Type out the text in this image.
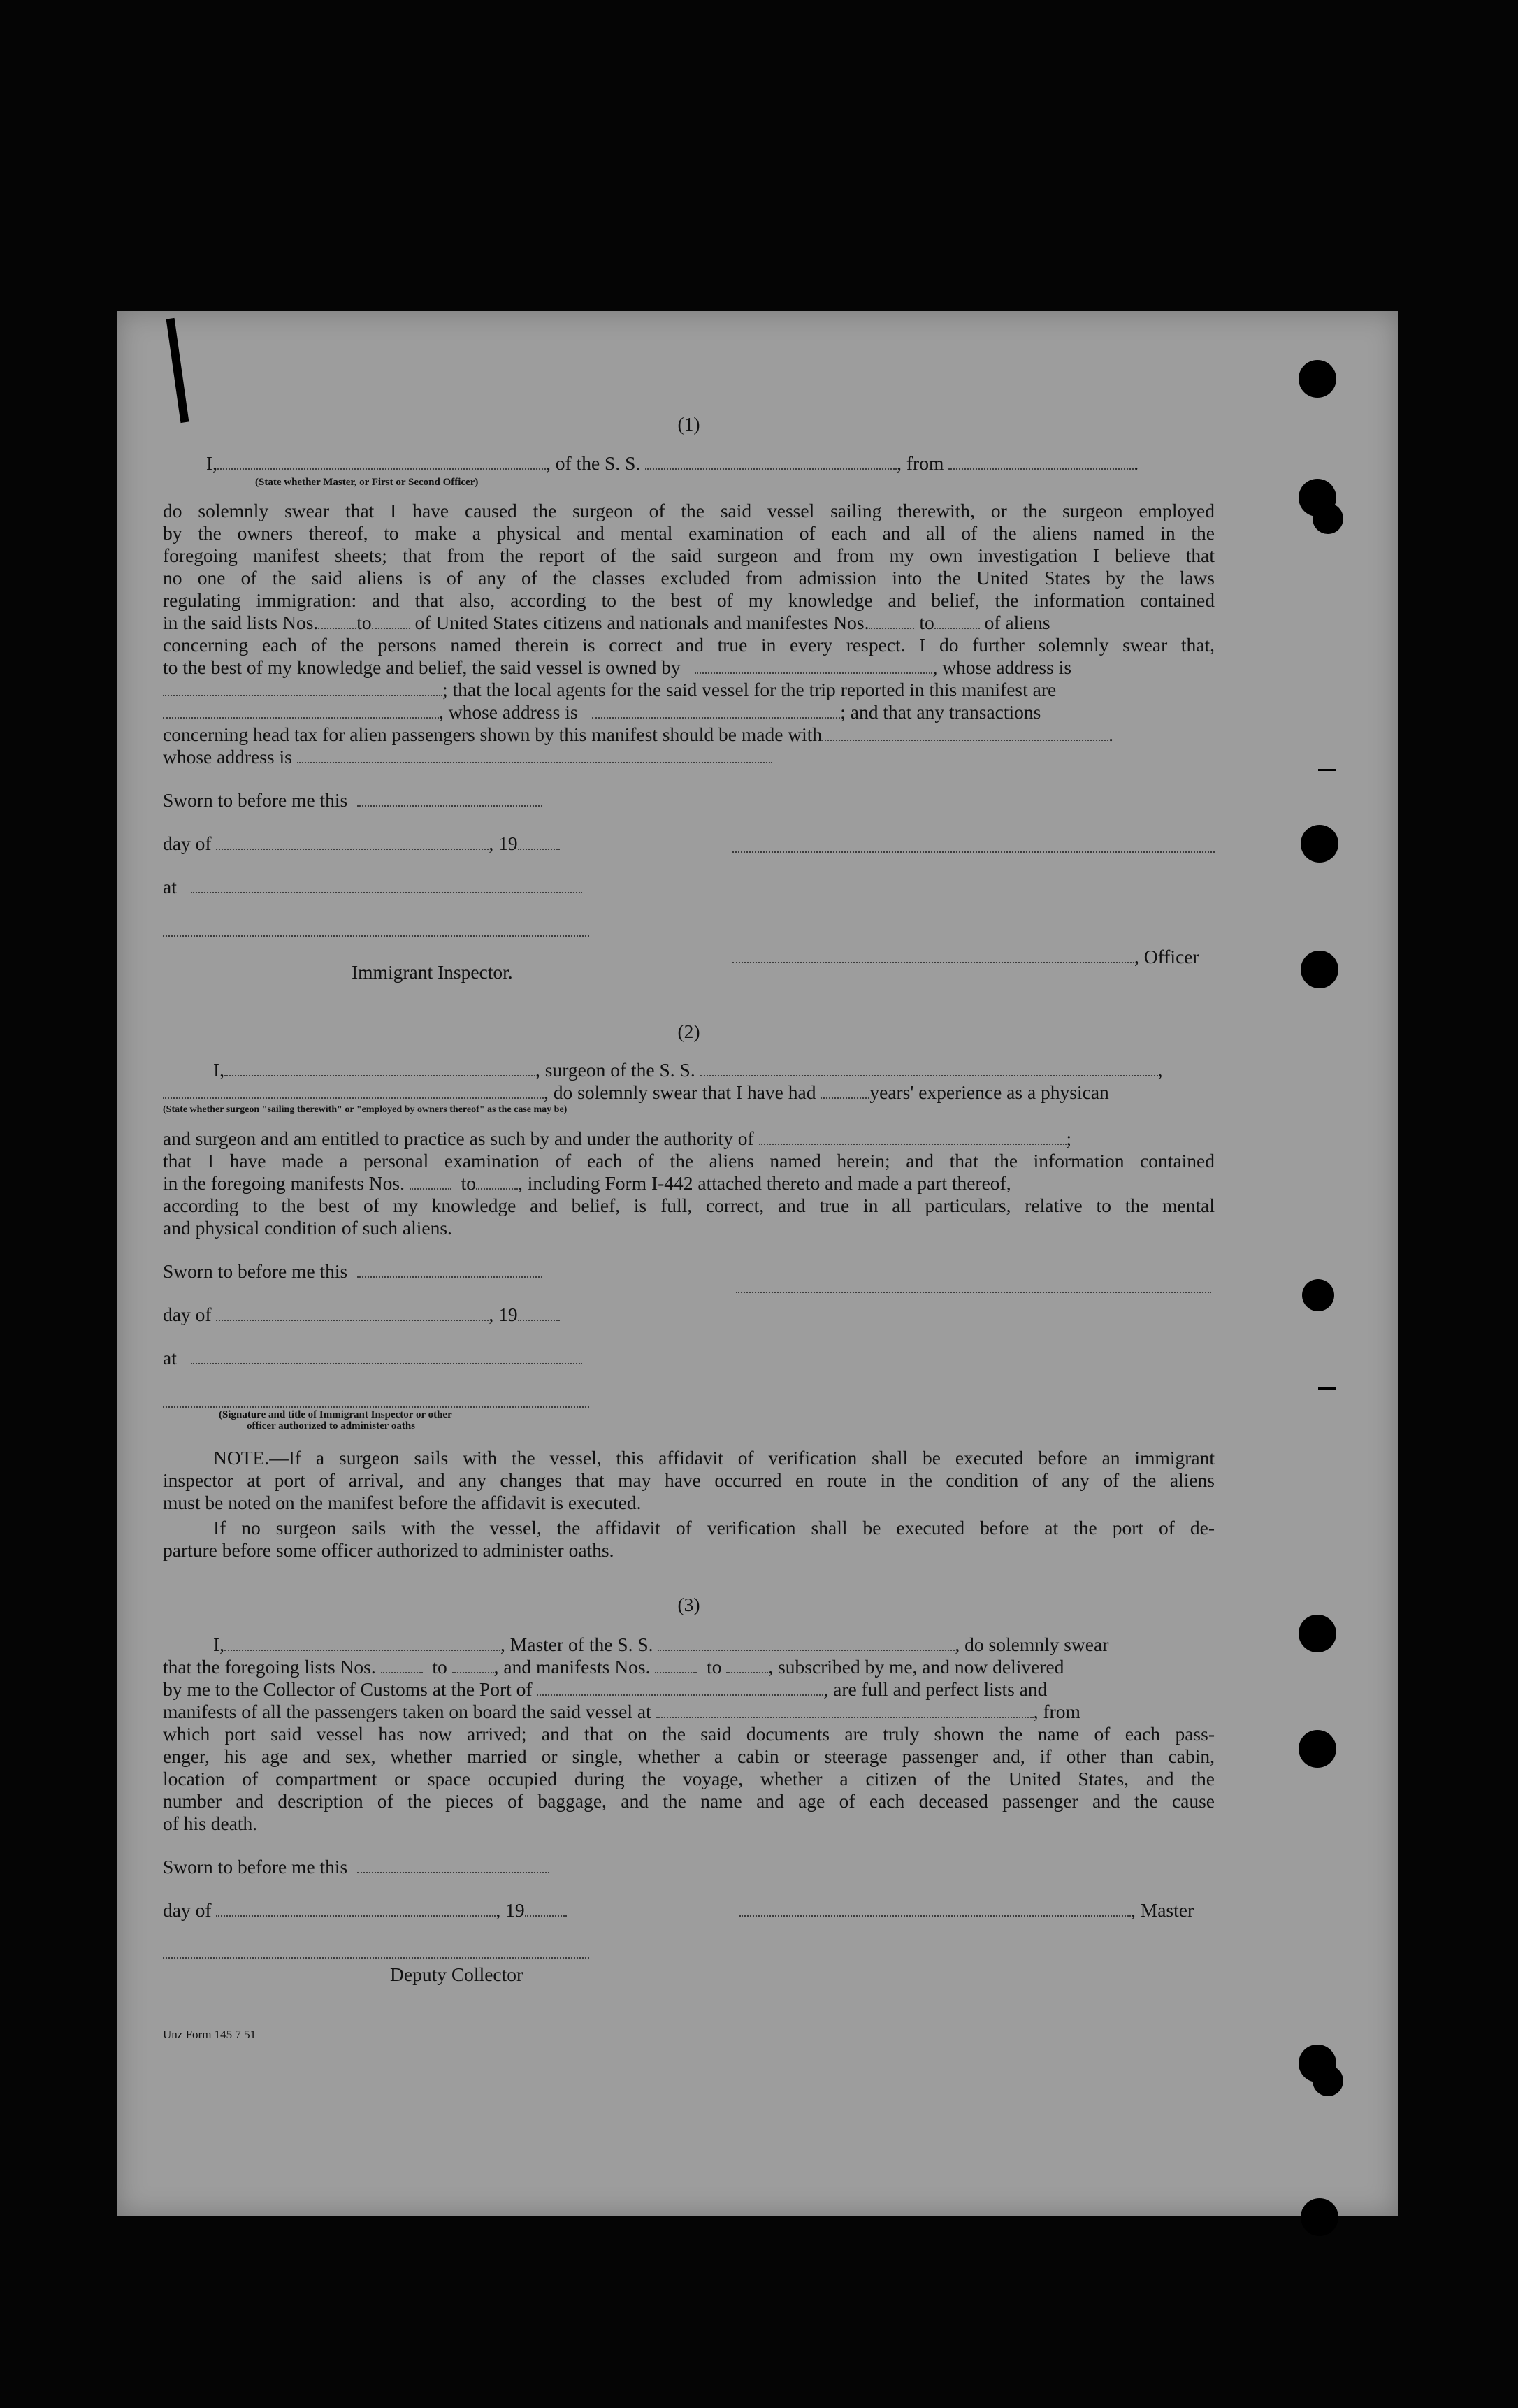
(1)
I,	, of the S. S.	, from	.
(State whether Master, or First or Second Officer)
do solemnly swear that I have caused the surgeon of the said vessel sailing therewith, or the surgeon employed
by the owners thereof, to make a physical and mental examination of each and all of the aliens named in the
foregoing manifest sheets; that from the report of the said surgeon and from my own investigation I believe that
no one of the said aliens is of any of the classes excluded from admission into the United States by the laws
regulating immigration: and that also, according to the best of my knowledge and belief, the information contained
in the said lists Nos. to of United States citizens and nationals and manifestes Nos.	to	of aliens
concerning each of the persons named therein is correct and true in every respect. I do further solemnly swear that,
to the best of my knowledge and belief, the said vessel is owned by	, whose address is
; that the local agents for the said vessel for the trip reported in this manifest are
, whose address is	; and that any transactions
concerning head tax for alien passengers shown by this manifest should be made with	.
whose address is
Sworn to before me this
day of	, 19
at
, Officer
Immigrant Inspector.
(2)
I,	, surgeon of the S. S.	,
, do solemnly swear that I have had	years' experience as a physican
(State whether surgeon "sailing therewith" or "employed by owners thereof" as the case may be)
and surgeon and am entitled to practice as such by and under the authority of	;
that I have made a personal examination of each of the aliens named herein; and that the information contained
in the foregoing manifests Nos.	to , including Form I-442 attached thereto and made a part thereof,
according to the best of my knowledge and belief, is full, correct, and true in all particulars, relative to the mental
and physical condition of such aliens.
Sworn to before me this
day of	, 19
at
(Signature and title of Immigrant Inspector or other
officer authorized to administer oaths
NOTE.—If a surgeon sails with the vessel, this affidavit of verification shall be executed before an immigrant
inspector at port of arrival, and any changes that may have occurred en route in the condition of any of the aliens
must be noted on the manifest before the affidavit is executed.
If no surgeon sails with the vessel, the affidavit of verification shall be executed before at the port of de-
parture before some officer authorized to administer oaths.
(3)
I,	, Master of the S. S.	, do solemnly swear
that the foregoing lists Nos.	to , and manifests Nos.	to , subscribed by me, and now delivered
by me to the Collector of Customs at the Port of	, are full and perfect lists and
manifests of all the passengers taken on board the said vessel at	, from
which port said vessel has now arrived; and that on the said documents are truly shown the name of each pass-
enger, his age and sex, whether married or single, whether a cabin or steerage passenger and, if other than cabin,
location of compartment or space occupied during the voyage, whether a citizen of the United States, and the
number and description of the pieces of baggage, and the name and age of each deceased passenger and the cause
of his death.
Sworn to before me this
day of	, 19	, Master
Deputy Collector
Unz Form 145 7 51
